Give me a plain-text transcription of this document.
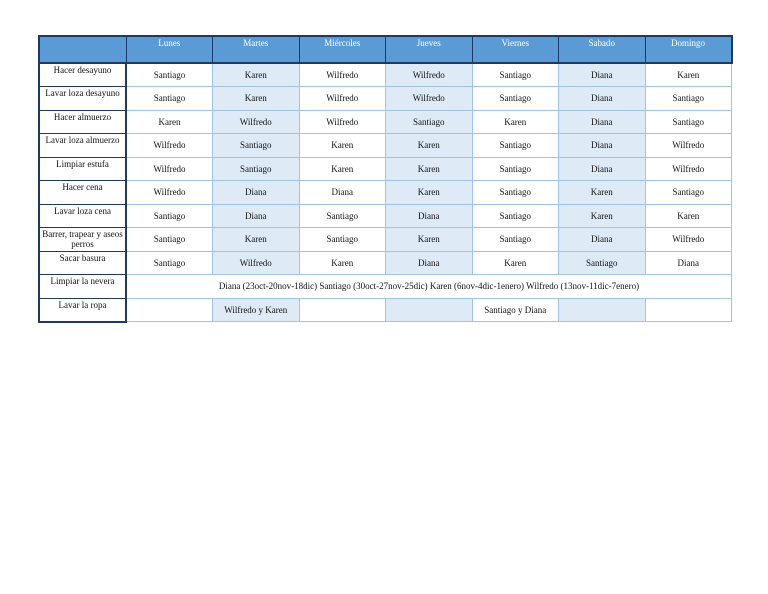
	Lunes	Martes	Miércoles	Jueves	Viernes	Sabado	Domingo
Hacer desayuno	Santiago	Karen	Wilfredo	Wilfredo	Santiago	Diana	Karen
Lavar loza desayuno	Santiago	Karen	Wilfredo	Wilfredo	Santiago	Diana	Santiago
Hacer almuerzo	Karen	Wilfredo	Wilfredo	Santiago	Karen	Diana	Santiago
Lavar loza almuerzo	Wilfredo	Santiago	Karen	Karen	Santiago	Diana	Wilfredo
Limpiar estufa	Wilfredo	Santiago	Karen	Karen	Santiago	Diana	Wilfredo
Hacer cena	Wilfredo	Diana	Diana	Karen	Santiago	Karen	Santiago
Lavar loza cena	Santiago	Diana	Santiago	Diana	Santiago	Karen	Karen
Barrer, trapear y aseos perros	Santiago	Karen	Santiago	Karen	Santiago	Diana	Wilfredo
Sacar basura	Santiago	Wilfredo	Karen	Diana	Karen	Santiago	Diana
Limpiar la nevera	Diana (23oct-20nov-18dic) Santiago (30oct-27nov-25dic) Karen (6nov-4dic-1enero) Wilfredo (13nov-11dic-7enero)						
Lavar la ropa		Wilfredo y Karen			Santiago y Diana		
